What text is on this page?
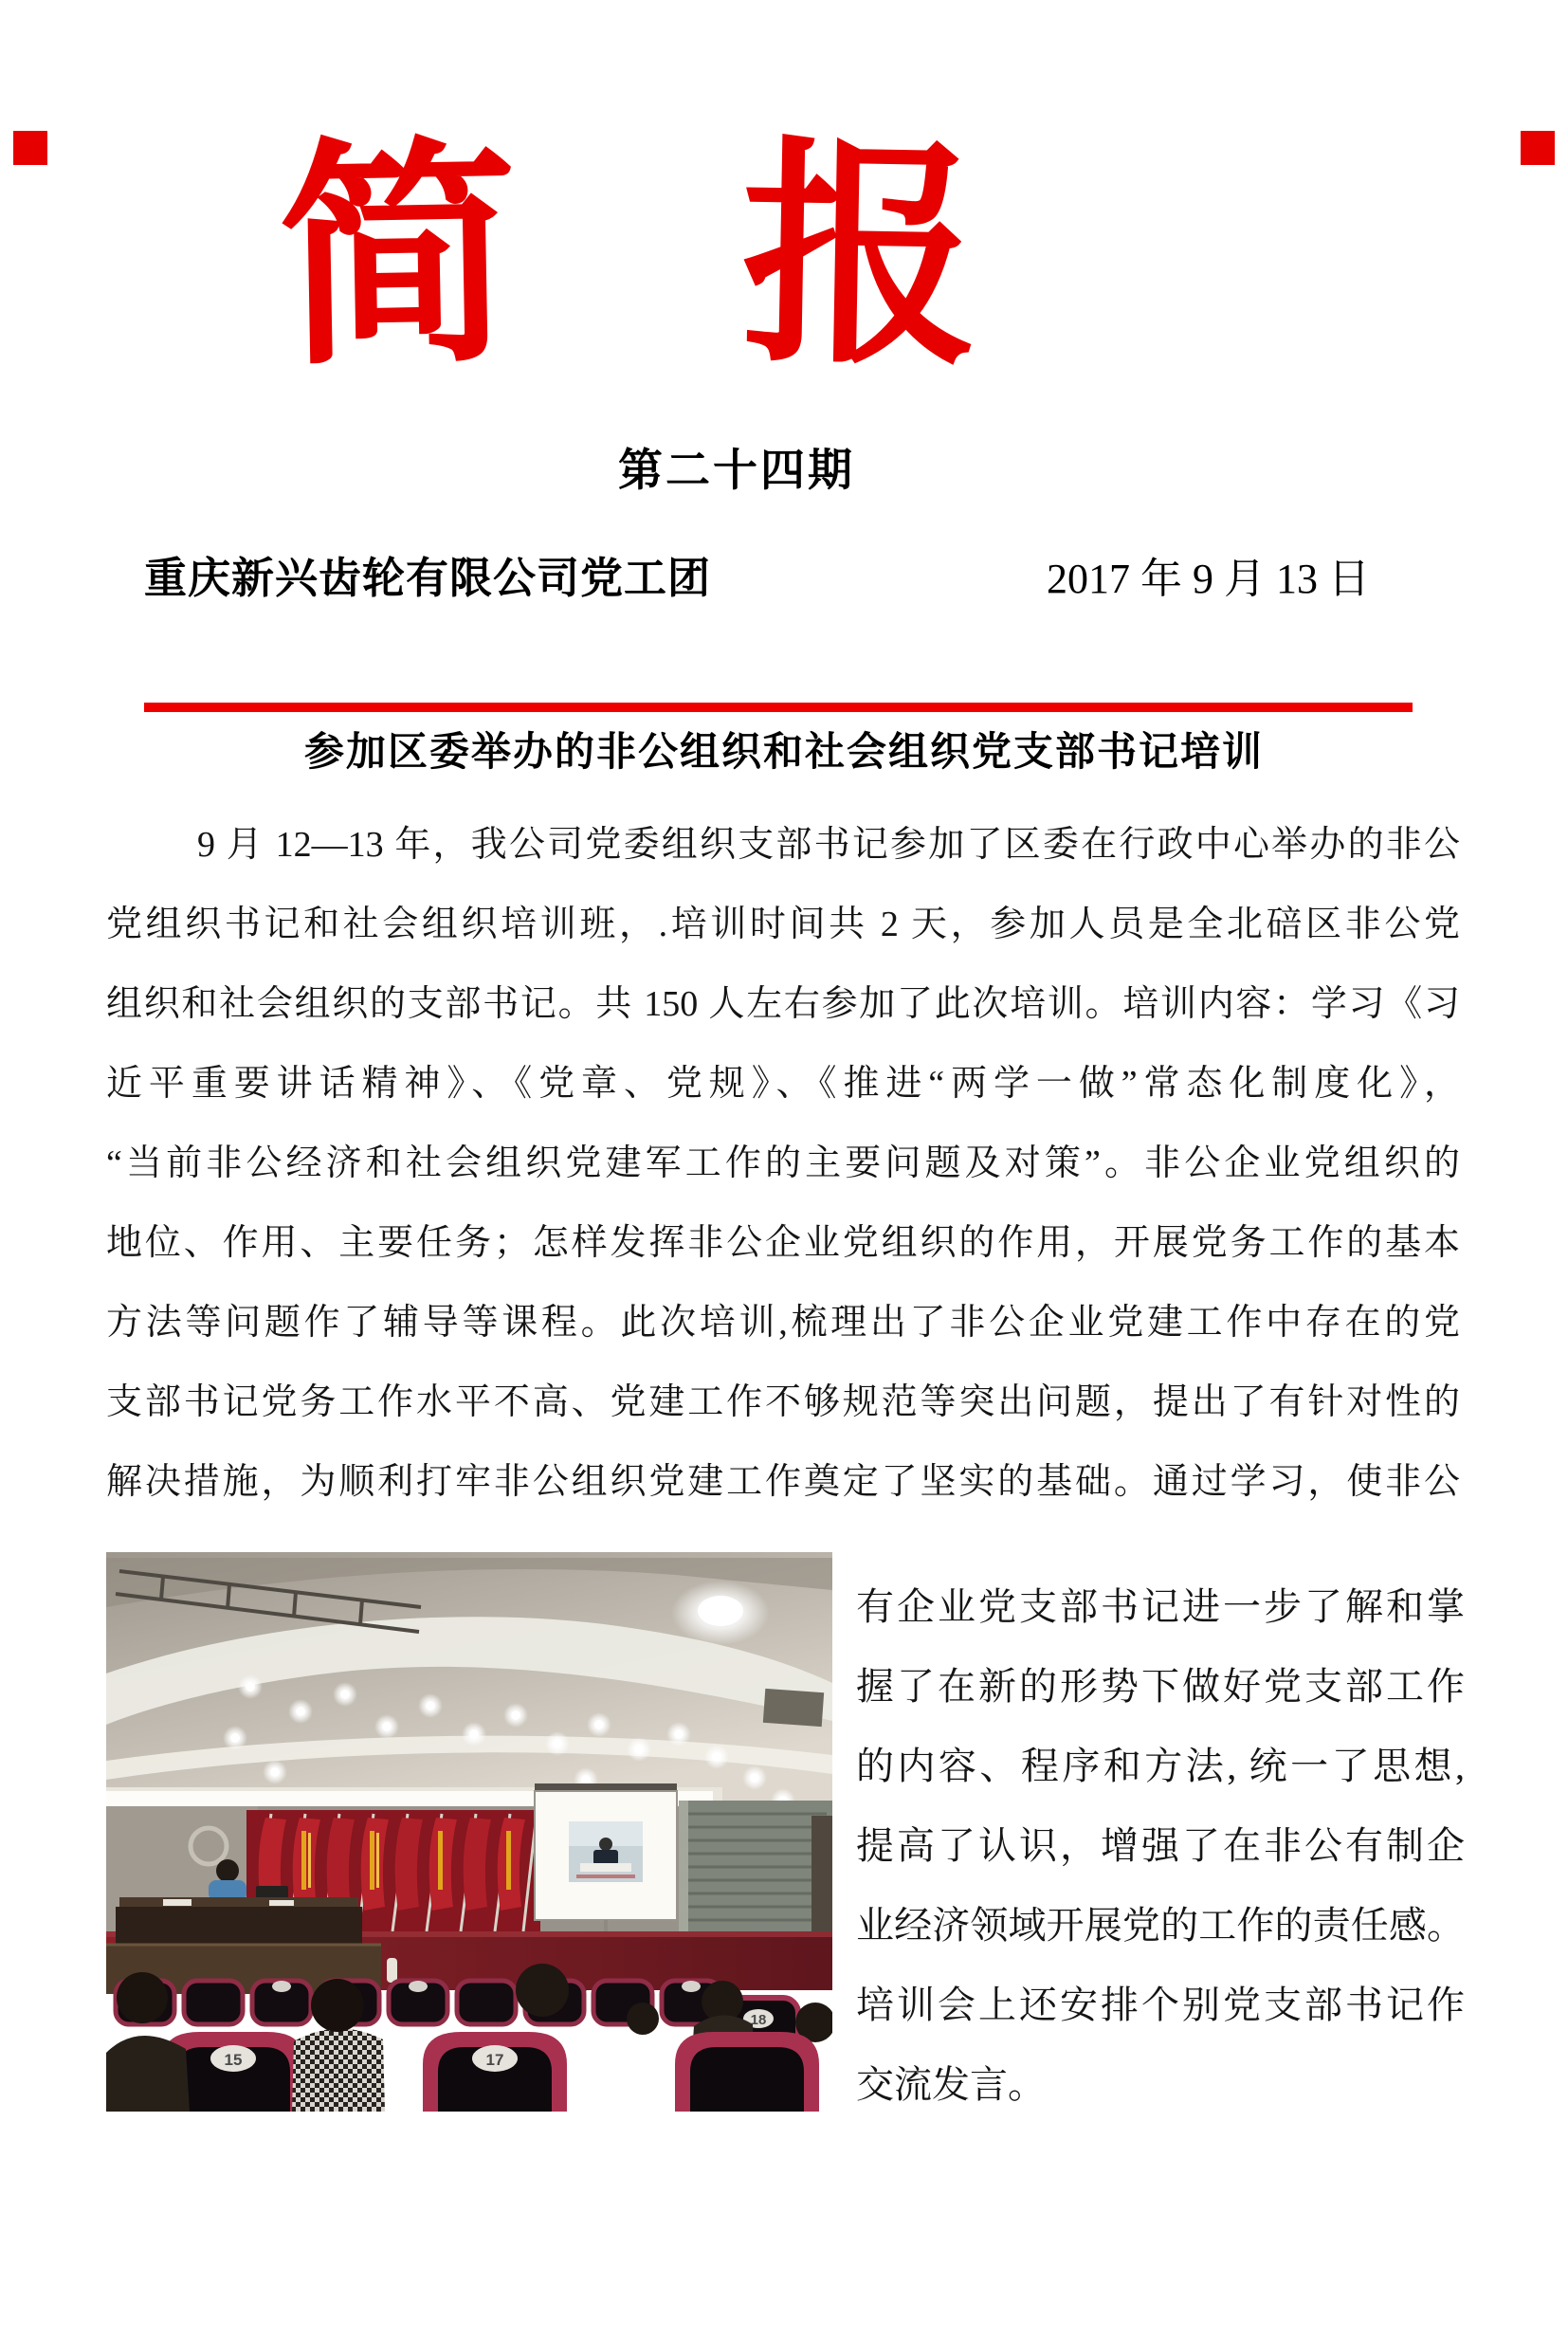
简 报
第二十四期
重庆新兴齿轮有限公司党工团	2017 年 9 月 13 日
参加区委举办的非公组织和社会组织党支部书记培训
9 月 12—13 年，我公司党委组织支部书记参加了区委在行政中心举办的非公
党组织书记和社会组织培训班，.培训时间共 2 天，参加人员是全北碚区非公党
组织和社会组织的支部书记。共 150 人左右参加了此次培训。培训内容：学习《习
近平重要讲话精神》、《党章、党规》、《推进“两学一做”常态化制度化》，
“当前非公经济和社会组织党建军工作的主要问题及对策”。非公企业党组织的
地位、作用、主要任务；怎样发挥非公企业党组织的作用，开展党务工作的基本
方法等问题作了辅导等课程。此次培训,梳理出了非公企业党建工作中存在的党
支部书记党务工作水平不高、党建工作不够规范等突出问题，提出了有针对性的
解决措施，为顺利打牢非公组织党建工作奠定了坚实的基础。通过学习，使非公
18
15	17
有企业党支部书记进一步了解和掌
握了在新的形势下做好党支部工作
的内容、程序和方法, 统一了思想,
提高了认识，增强了在非公有制企
业经济领域开展党的工作的责任感。
培训会上还安排个别党支部书记作
交流发言。
